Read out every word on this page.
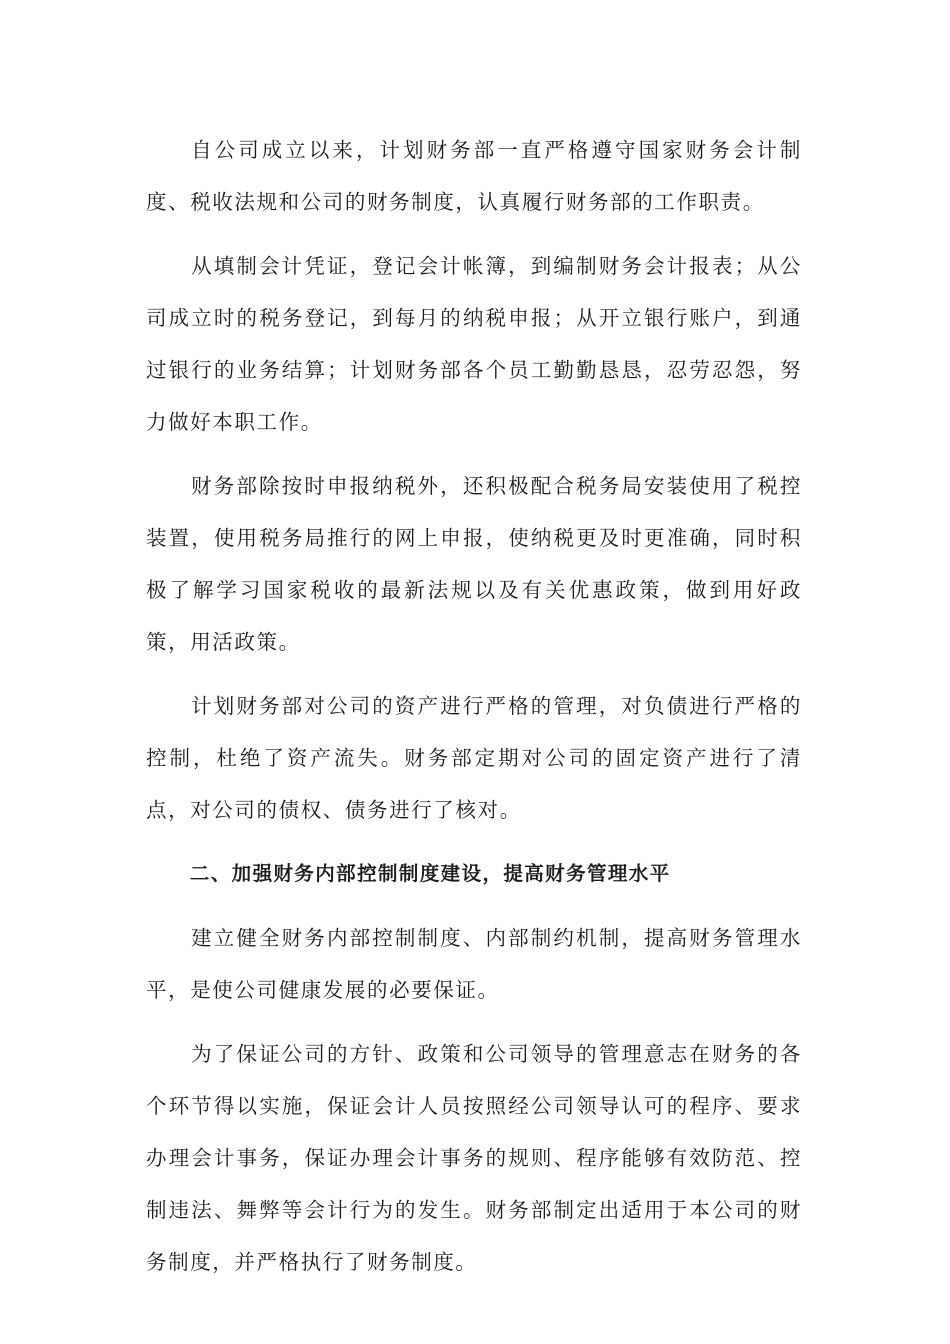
自公司成立以来，计划财务部一直严格遵守国家财务会计制度、税收法规和公司的财务制度，认真履行财务部的工作职责。

从填制会计凭证，登记会计帐簿，到编制财务会计报表；从公司成立时的税务登记，到每月的纳税申报；从开立银行账户，到通过银行的业务结算；计划财务部各个员工勤勤恳恳，忍劳忍怨，努力做好本职工作。

财务部除按时申报纳税外，还积极配合税务局安装使用了税控装置，使用税务局推行的网上申报，使纳税更及时更准确，同时积极了解学习国家税收的最新法规以及有关优惠政策，做到用好政策，用活政策。

计划财务部对公司的资产进行严格的管理，对负债进行严格的控制，杜绝了资产流失。财务部定期对公司的固定资产进行了清点，对公司的债权、债务进行了核对。

二、加强财务内部控制制度建设，提高财务管理水平

建立健全财务内部控制制度、内部制约机制，提高财务管理水平，是使公司健康发展的必要保证。

为了保证公司的方针、政策和公司领导的管理意志在财务的各个环节得以实施，保证会计人员按照经公司领导认可的程序、要求办理会计事务，保证办理会计事务的规则、程序能够有效防范、控制违法、舞弊等会计行为的发生。财务部制定出适用于本公司的财务制度，并严格执行了财务制度。
